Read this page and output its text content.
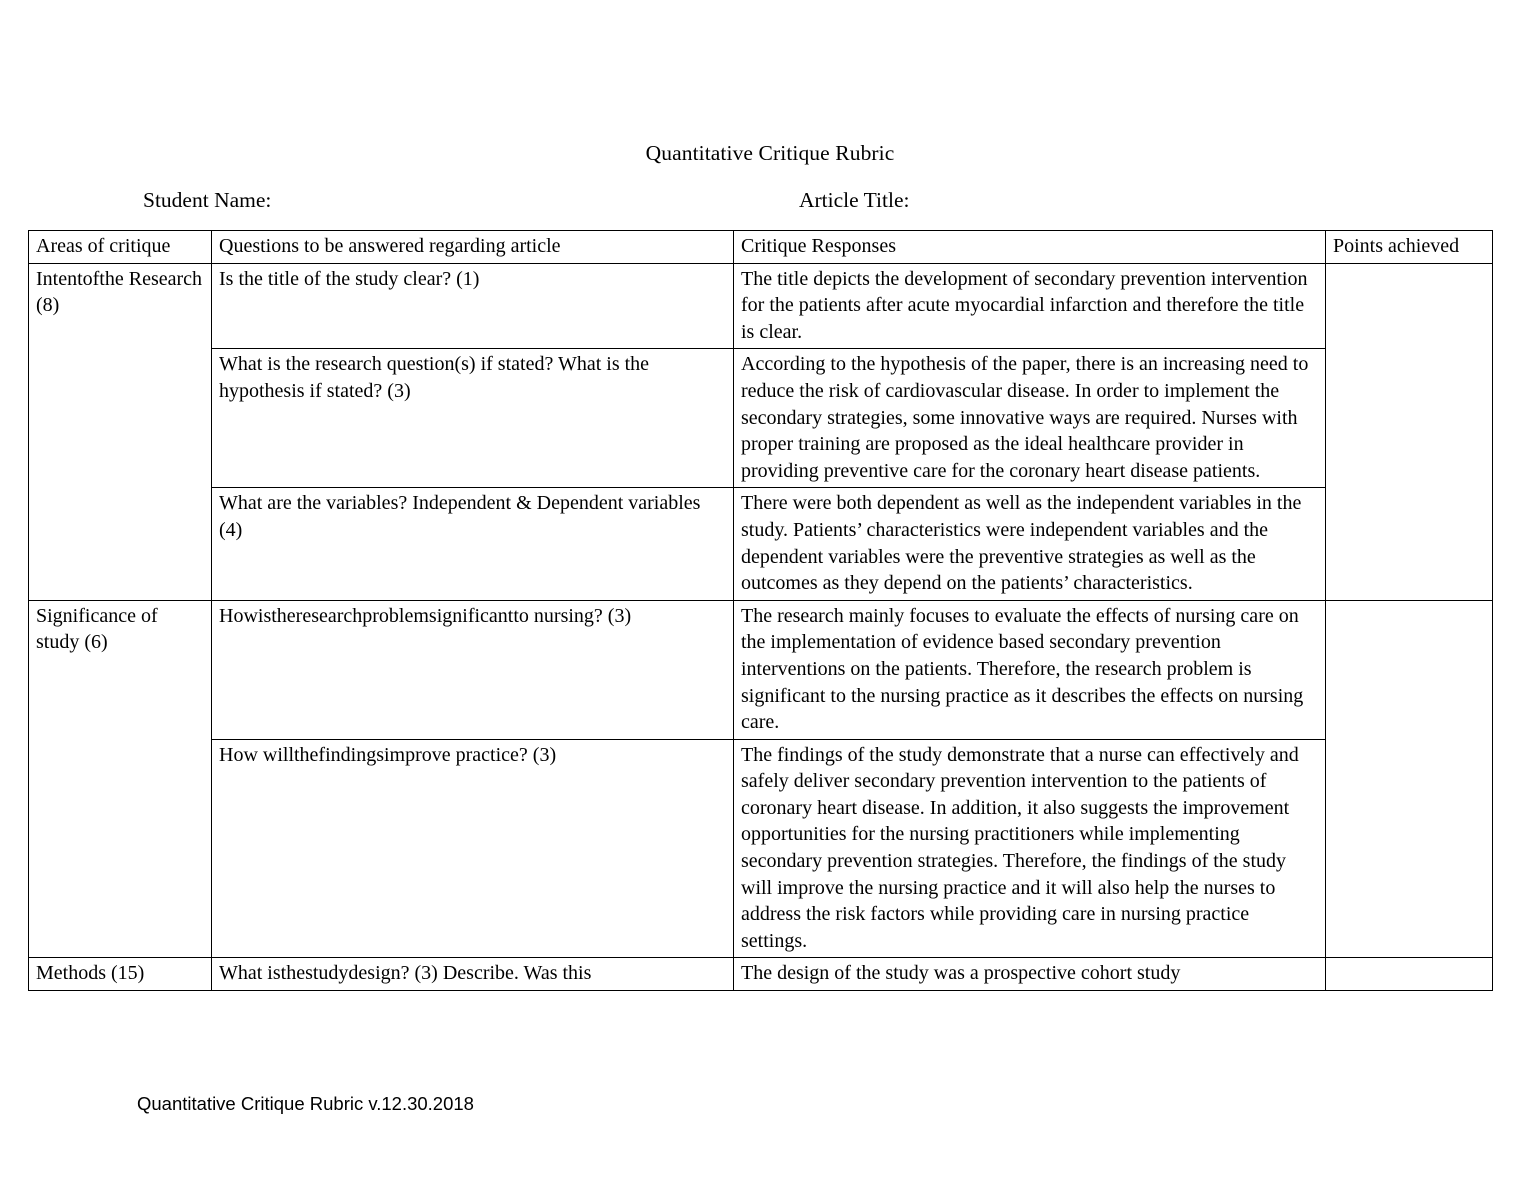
Quantitative Critique Rubric
Student Name:	Article Title:
Areas of critique	Questions to be answered regarding article	Critique Responses	Points achieved
Intentofthe Research (8)	Is the title of the study clear? (1)	The title depicts the development of secondary prevention intervention for the patients after acute myocardial infarction and therefore the title is clear.	
	What is the research question(s) if stated? What is the hypothesis if stated? (3)	According to the hypothesis of the paper, there is an increasing need to reduce the risk of cardiovascular disease. In order to implement the secondary strategies, some innovative ways are required. Nurses with proper training are proposed as the ideal healthcare provider in providing preventive care for the coronary heart disease patients.	
	What are the variables? Independent & Dependent variables (4)	There were both dependent as well as the independent variables in the study. Patients’ characteristics were independent variables and the dependent variables were the preventive strategies as well as the outcomes as they depend on the patients’ characteristics.	
Significance of study (6)	Howistheresearchproblemsignificantto nursing? (3)	The research mainly focuses to evaluate the effects of nursing care on the implementation of evidence based secondary prevention interventions on the patients. Therefore, the research problem is significant to the nursing practice as it describes the effects on nursing care.	
	How willthefindingsimprove practice? (3)	The findings of the study demonstrate that a nurse can effectively and safely deliver secondary prevention intervention to the patients of coronary heart disease. In addition, it also suggests the improvement opportunities for the nursing practitioners while implementing secondary prevention strategies. Therefore, the findings of the study will improve the nursing practice and it will also help the nurses to address the risk factors while providing care in nursing practice settings.	
Methods (15)	What isthestudydesign? (3) Describe. Was this	The design of the study was a prospective cohort study	
Quantitative Critique Rubric v.12.30.2018
